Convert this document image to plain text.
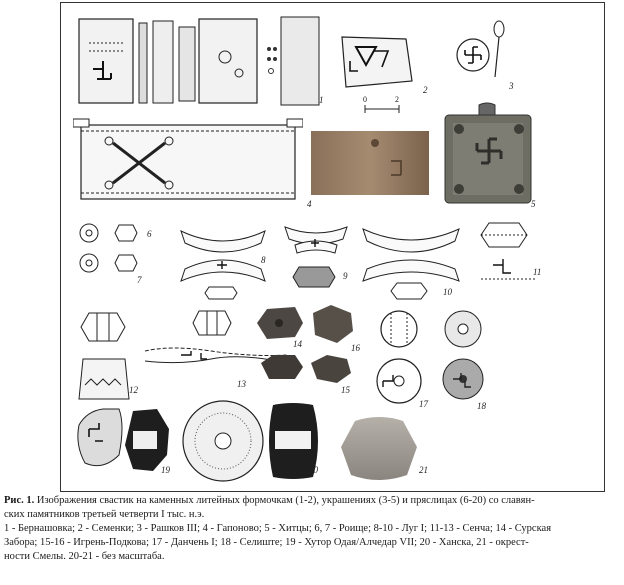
1
2
0	2
3
4	5
6
7
8
9
10
11
12
13
14	16
15
17	18
19	20	21

Рис. 1. Изображения свастик на каменных литейных формочкам (1-2), украшениях (3-5) и пряслицах (6-20) со славян-

ских памятников третьей четверти I тыс. н.э.

1 - Бернашовка; 2 - Семенки; 3 - Рашков III; 4 - Гапоново; 5 - Хитцы; 6, 7 - Роище; 8-10 - Луг I; 11-13 - Сенча; 14 - Сурская

Забора; 15-16 - Игрень-Подкова; 17 - Данчень I; 18 - Селиште; 19 - Хутор Одая/Алчедар VII; 20 - Ханска, 21 - окрест-

ности Смелы. 20-21 - без масштаба.
